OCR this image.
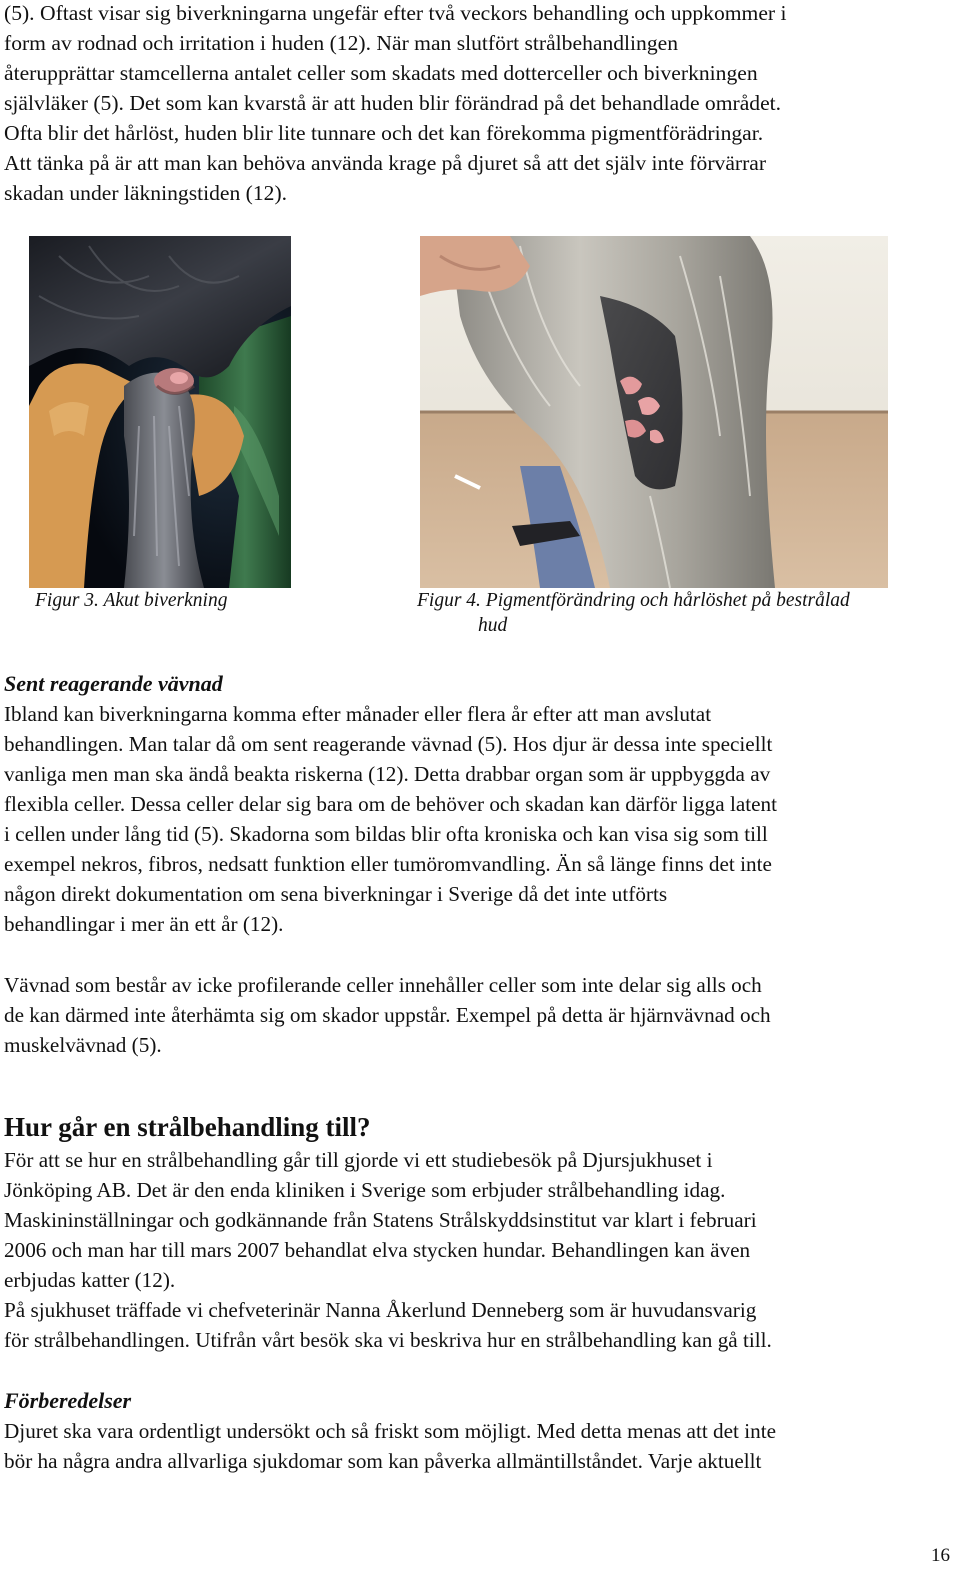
(5). Oftast visar sig biverkningarna ungefär efter två veckors behandling och uppkommer i
form av rodnad och irritation i huden (12). När man slutfört strålbehandlingen
återupprättar stamcellerna antalet celler som skadats med dotterceller och biverkningen
självläker (5). Det som kan kvarstå är att huden blir förändrad på det behandlade området.
Ofta blir det hårlöst, huden blir lite tunnare och det kan förekomma pigmentförädringar.
Att tänka på är att man kan behöva använda krage på djuret så att det själv inte förvärrar
skadan under läkningstiden (12).

Figur 3. Akut biverkning	Figur 4. Pigmentförändring och hårlöshet på bestrålad

hud

Sent reagerande vävnad

Ibland kan biverkningarna komma efter månader eller flera år efter att man avslutat
behandlingen. Man talar då om sent reagerande vävnad (5). Hos djur är dessa inte speciellt
vanliga men man ska ändå beakta riskerna (12). Detta drabbar organ som är uppbyggda av
flexibla celler. Dessa celler delar sig bara om de behöver och skadan kan därför ligga latent
i cellen under lång tid (5). Skadorna som bildas blir ofta kroniska och kan visa sig som till
exempel nekros, fibros, nedsatt funktion eller tumöromvandling. Än så länge finns det inte
någon direkt dokumentation om sena biverkningar i Sverige då det inte utförts
behandlingar i mer än ett år (12).

Vävnad som består av icke profilerande celler innehåller celler som inte delar sig alls och
de kan därmed inte återhämta sig om skador uppstår. Exempel på detta är hjärnvävnad och
muskelvävnad (5).

Hur går en strålbehandling till?

För att se hur en strålbehandling går till gjorde vi ett studiebesök på Djursjukhuset i
Jönköping AB. Det är den enda kliniken i Sverige som erbjuder strålbehandling idag.
Maskininställningar och godkännande från Statens Strålskyddsinstitut var klart i februari
2006 och man har till mars 2007 behandlat elva stycken hundar. Behandlingen kan även
erbjudas katter (12).

På sjukhuset träffade vi chefveterinär Nanna Åkerlund Denneberg som är huvudansvarig
för strålbehandlingen. Utifrån vårt besök ska vi beskriva hur en strålbehandling kan gå till.

Förberedelser

Djuret ska vara ordentligt undersökt och så friskt som möjligt. Med detta menas att det inte
bör ha några andra allvarliga sjukdomar som kan påverka allmäntillståndet. Varje aktuellt

16
